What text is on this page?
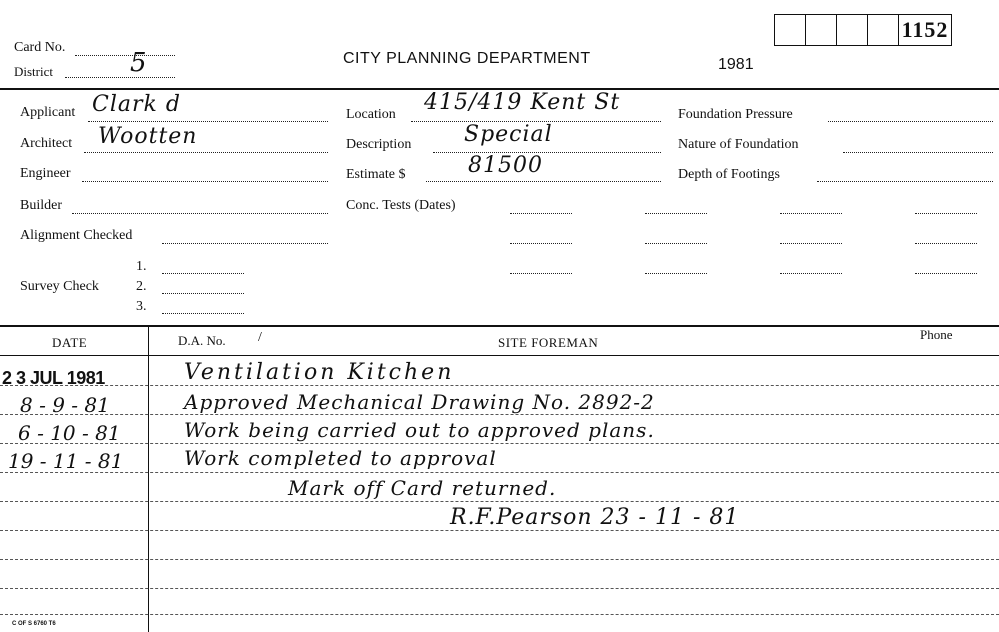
1152
Card No.
District	5	CITY PLANNING DEPARTMENT	1981
Applicant Clark d
Architect Wootten
Engineer
Builder
Alignment Checked
Survey Check
1.
2.
3.
Location 415/419 Kent St
Description Special
Estimate $	81500
Conc. Tests (Dates)
Foundation Pressure
Nature of Foundation
Depth of Footings
DATE	D.A. No. /	SITE FOREMAN
Phone
2 3 JUL 1981	Ventilation Kitchen
8 - 9 - 81	Approved Mechanical Drawing No. 2892-2
6 - 10 - 81	Work being carried out to approved plans.
19 - 11 - 81	Work completed to approval
Mark off Card returned.
R.F.Pearson 23 - 11 - 81
C OF S 6760 T6
